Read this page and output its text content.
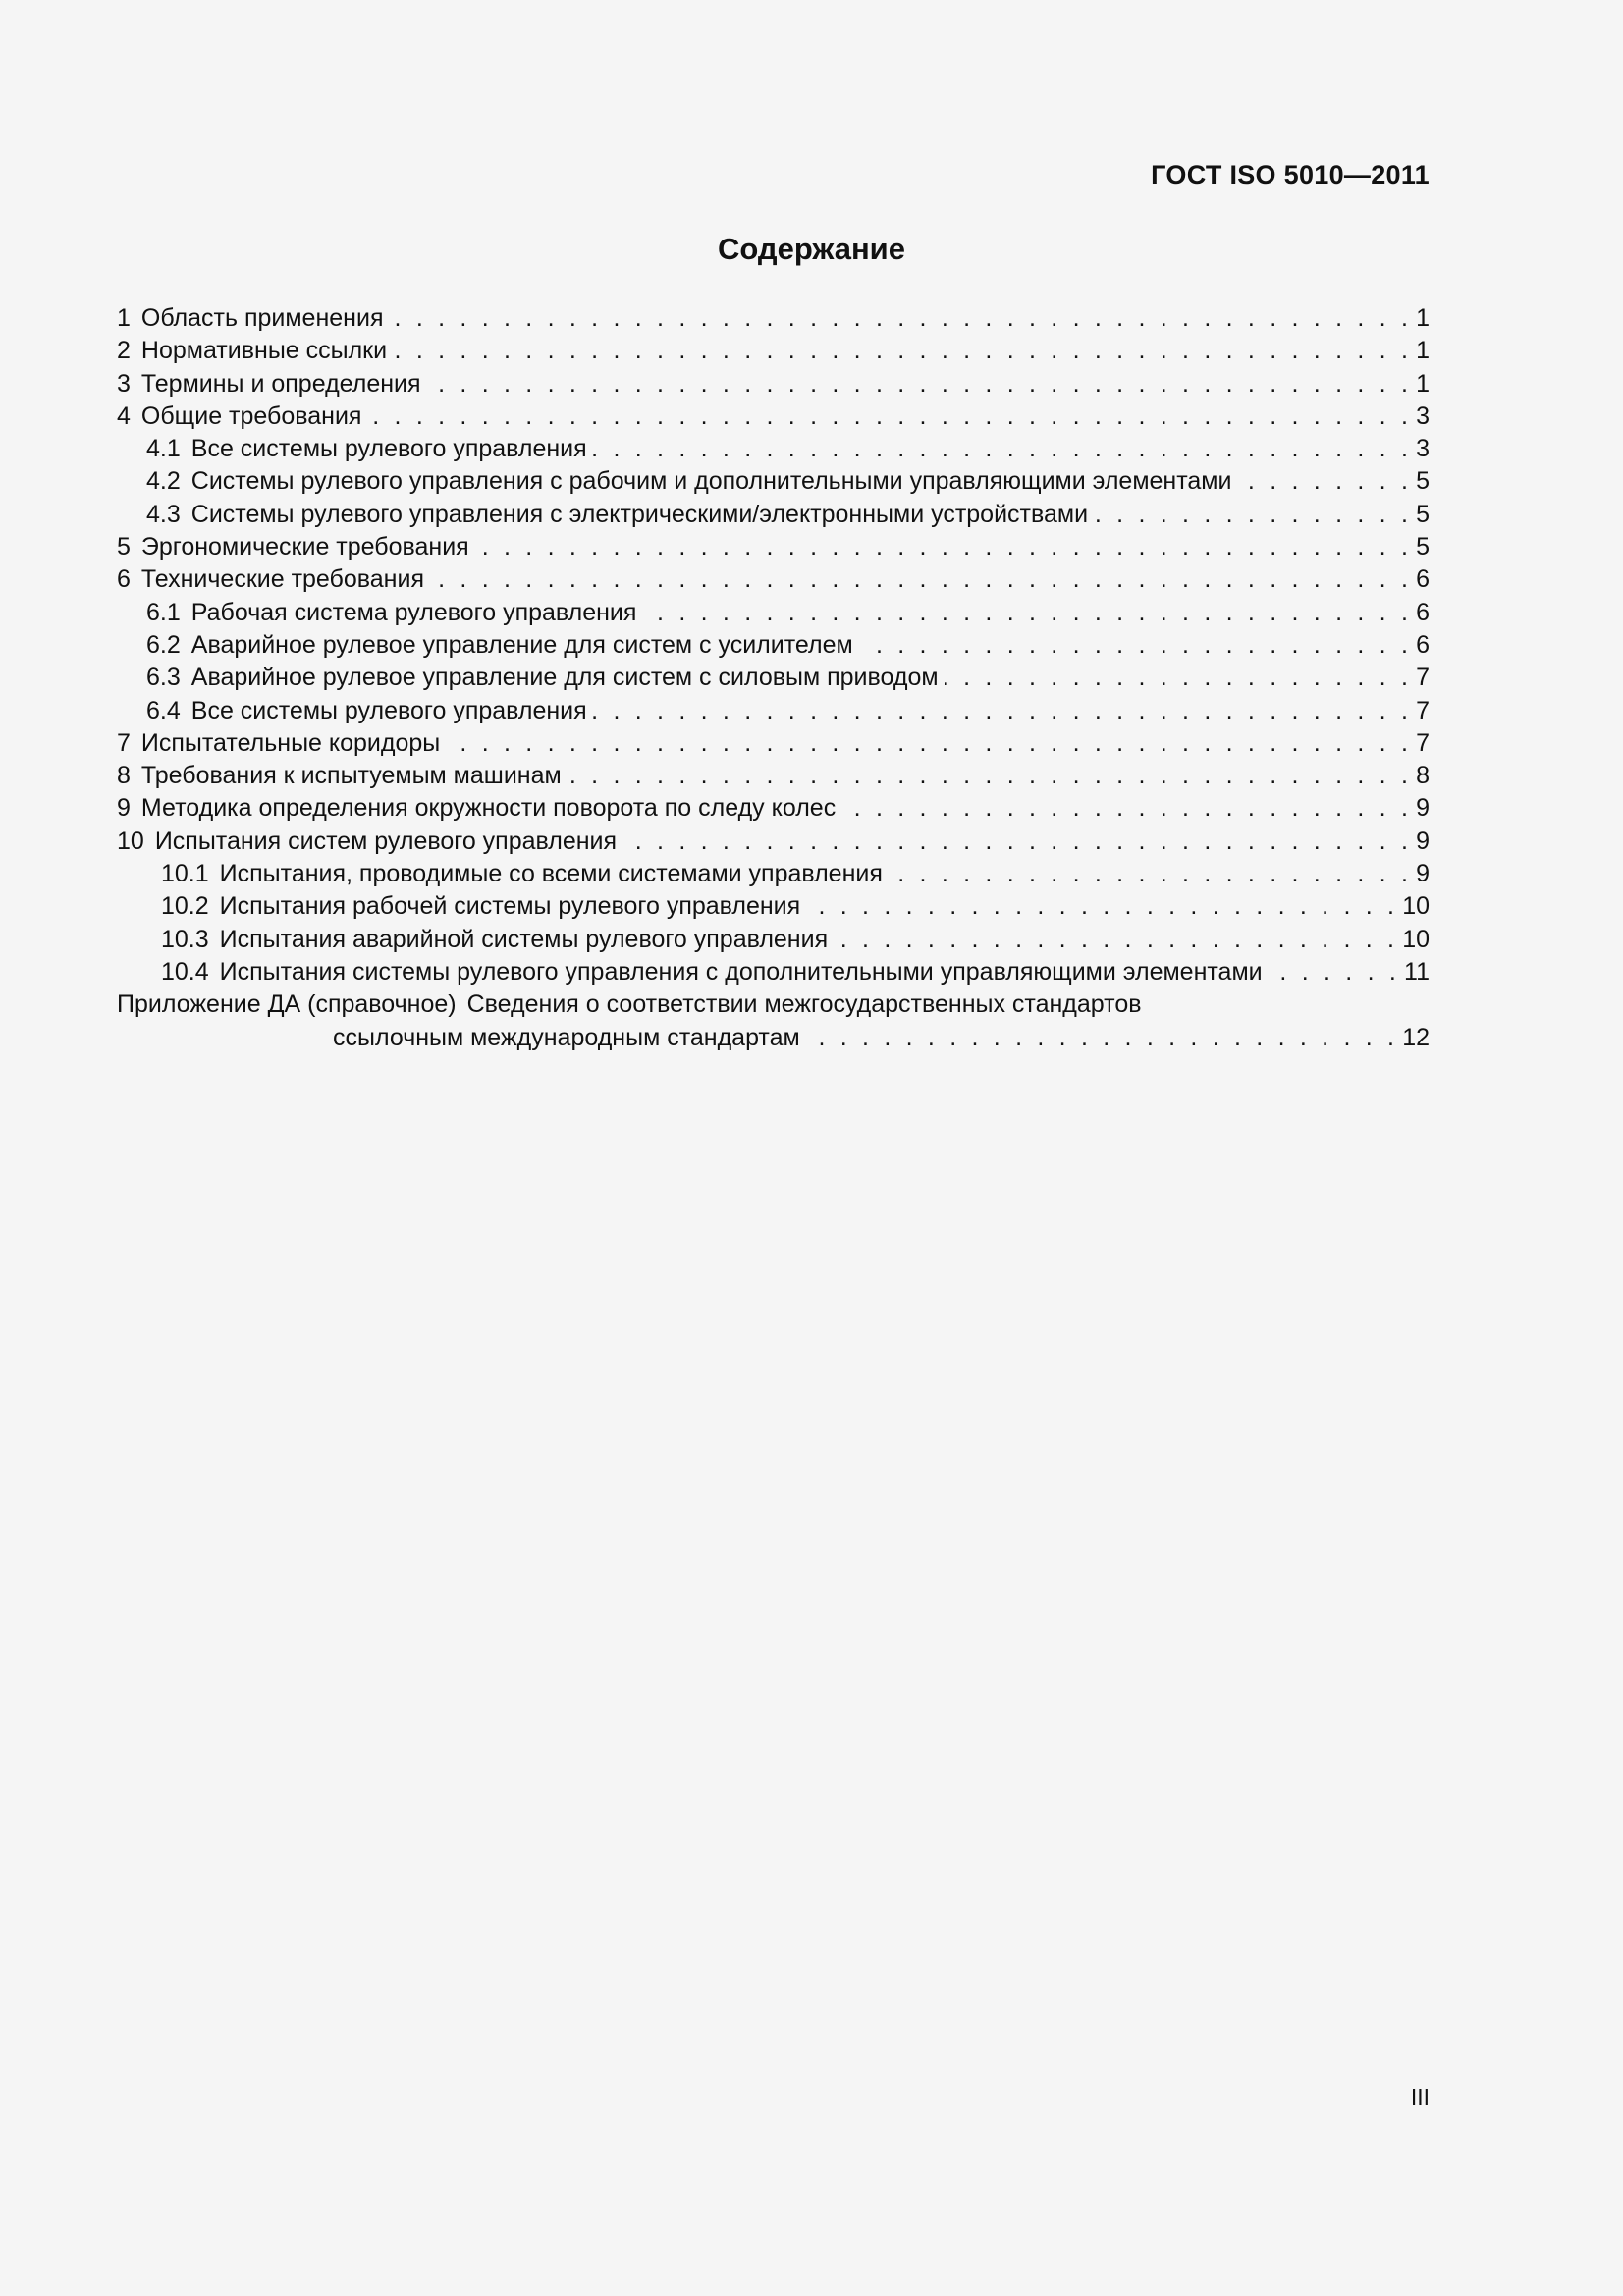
ГОСТ ISO 5010—2011
Содержание
1 Область применения . . .	1
2 Нормативные ссылки . . .	1
3 Термины и определения . . .	1
4 Общие требования . . .	3
4.1 Все системы рулевого управления . . .	3
4.2 Системы рулевого управления с рабочим и дополнительными управляющими элементами . . .	5
4.3 Системы рулевого управления с электрическими/электронными устройствами . . .	5
5 Эргономические требования . . .	5
6 Технические требования . . .	6
6.1 Рабочая система рулевого управления . . .	6
6.2 Аварийное рулевое управление для систем с усилителем . . .	6
6.3 Аварийное рулевое управление для систем с силовым приводом . . .	7
6.4 Все системы рулевого управления . . .	7
7 Испытательные коридоры . . .	7
8 Требования к испытуемым машинам . . .	8
9 Методика определения окружности поворота по следу колес . . .	9
10 Испытания систем рулевого управления . . .	9
10.1 Испытания, проводимые со всеми системами управления . . .	9
10.2 Испытания рабочей системы рулевого управления . . .	10
10.3 Испытания аварийной системы рулевого управления . . .	10
10.4 Испытания системы рулевого управления с дополнительными управляющими элементами . . .	11
Приложение ДА (справочное) Сведения о соответствии межгосударственных стандартов
ссылочным международным стандартам . . .	12
III
